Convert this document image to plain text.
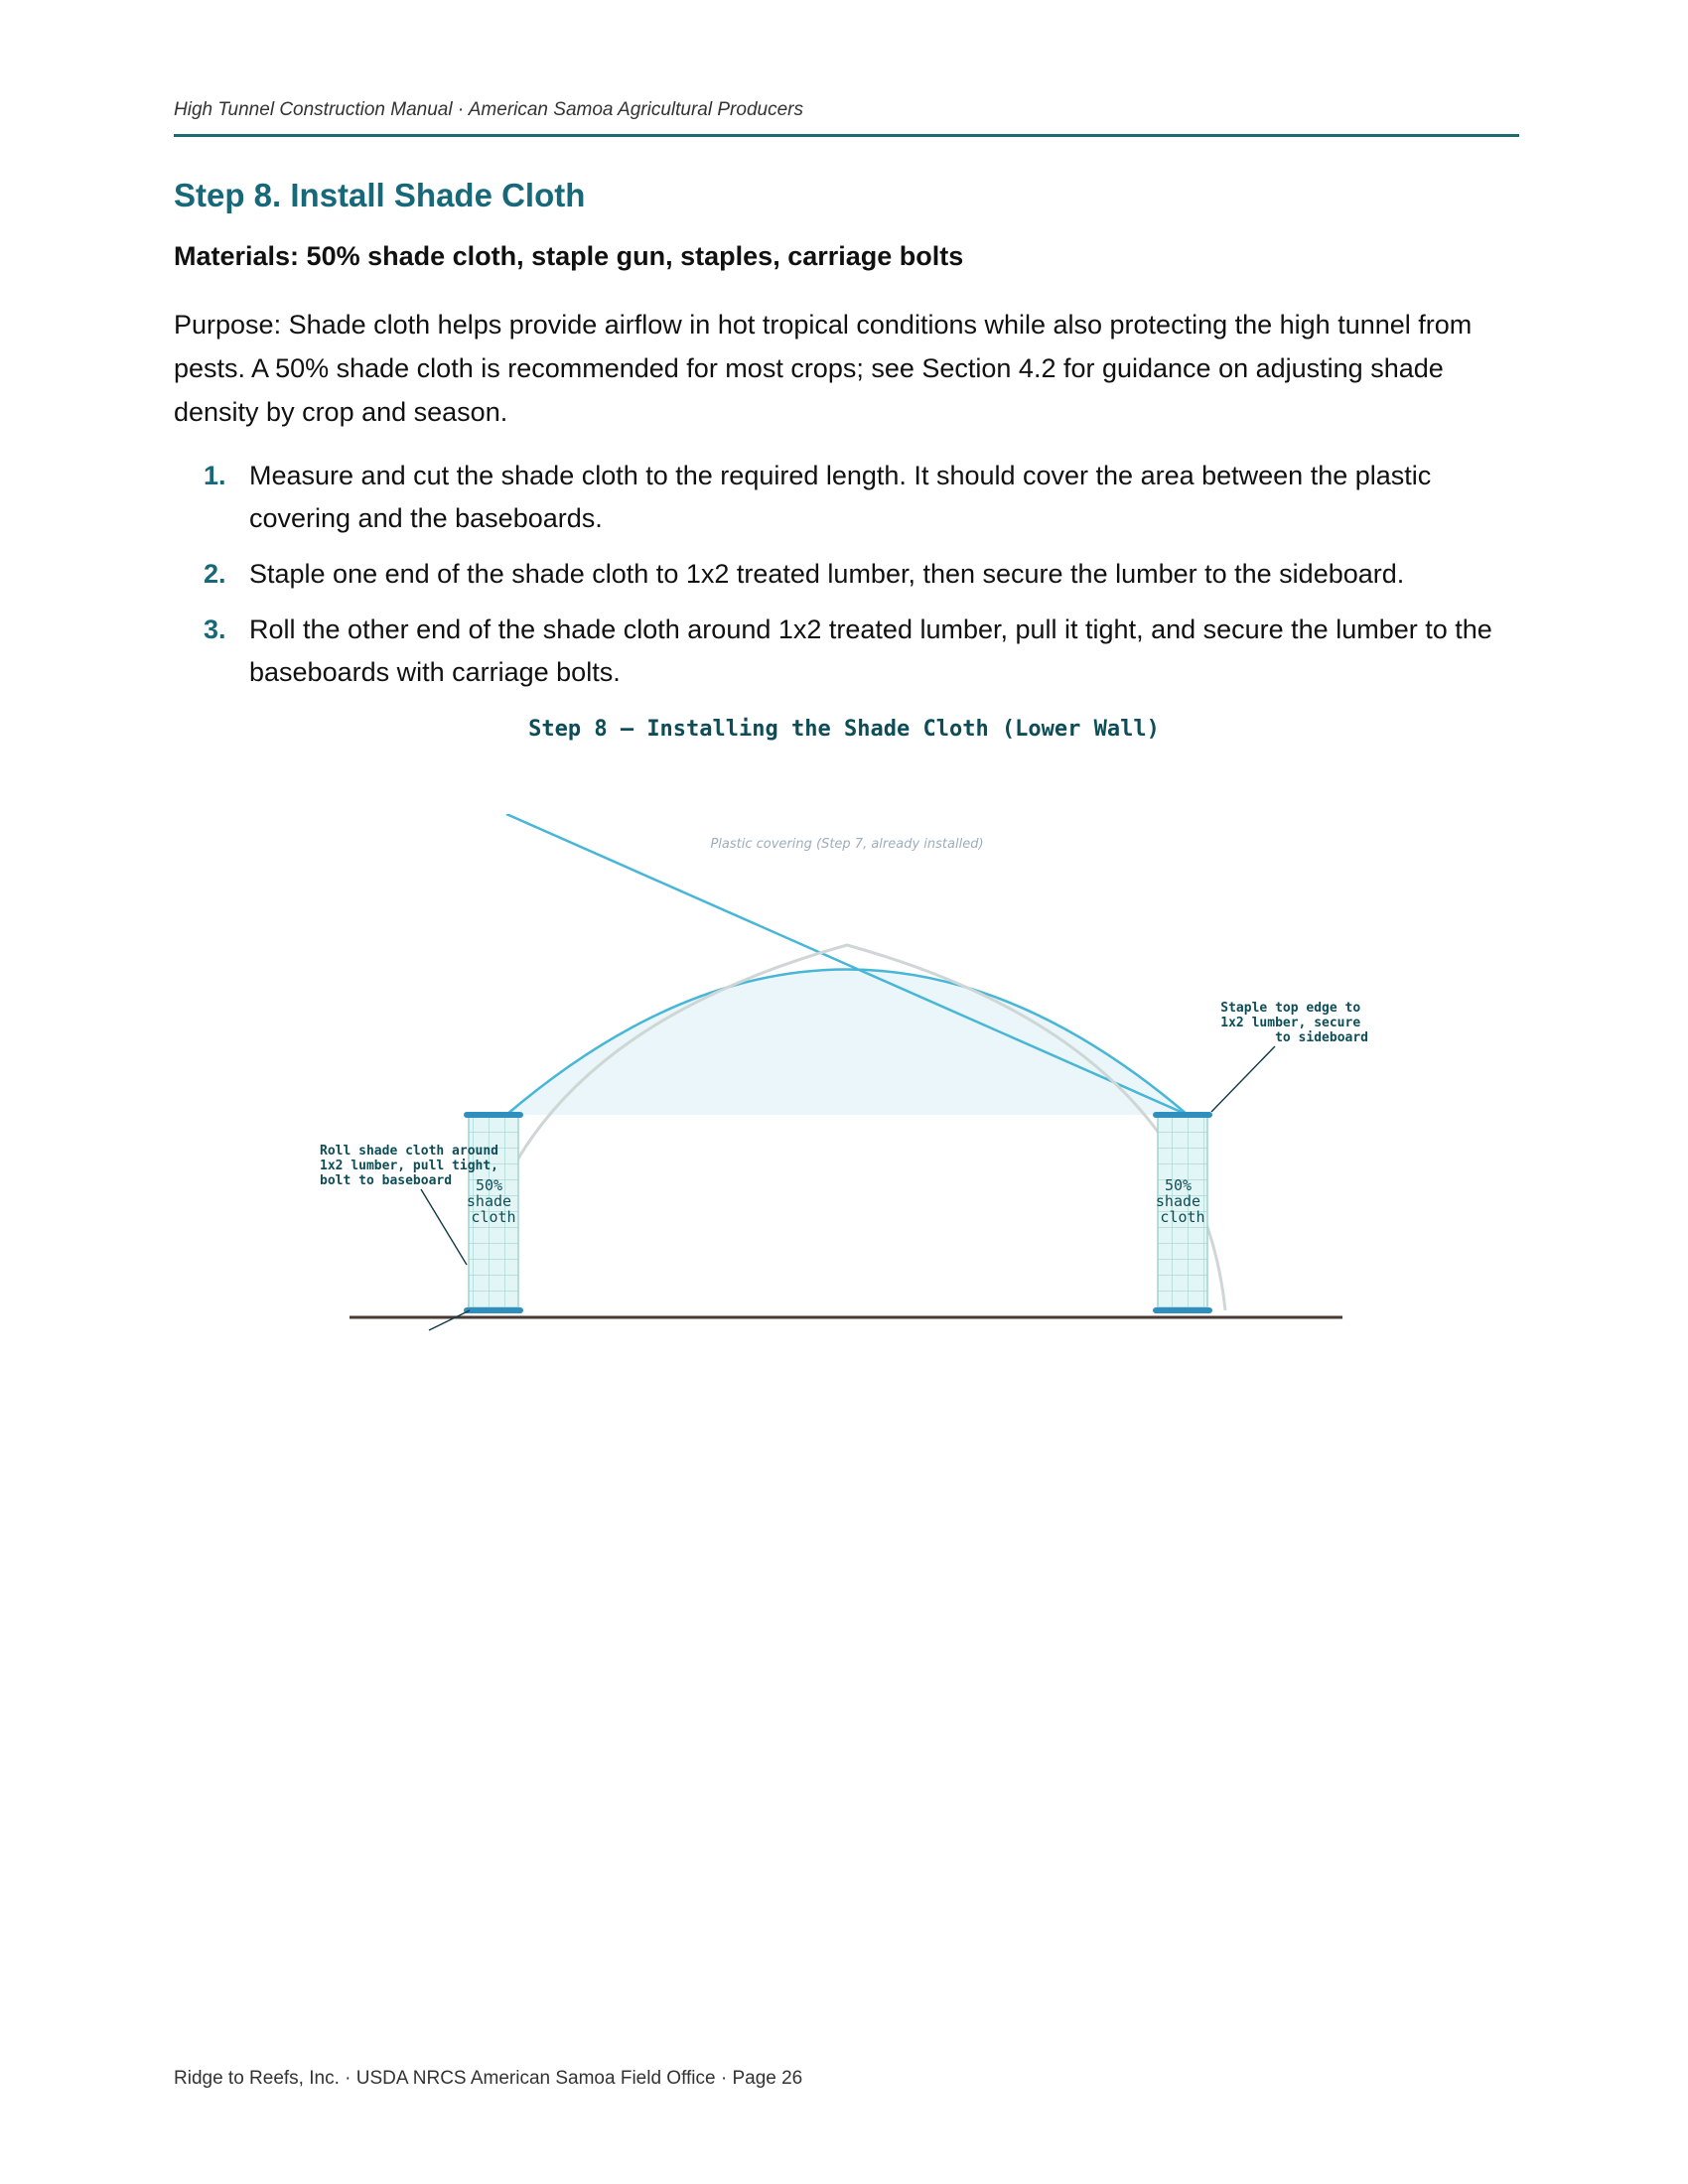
High Tunnel Construction Manual · American Samoa Agricultural Producers
Step 8. Install Shade Cloth

Materials: 50% shade cloth, staple gun, staples, carriage bolts

Purpose: Shade cloth helps provide airflow in hot tropical conditions while also protecting the high tunnel from pests. A 50% shade cloth is recommended for most crops; see Section 4.2 for guidance on adjusting shade density by crop and season.

1. Measure and cut the shade cloth to the required length. It should cover the area between the plastic covering and the baseboards.
2. Staple one end of the shade cloth to 1x2 treated lumber, then secure the lumber to the sideboard.
3. Roll the other end of the shade cloth around 1x2 treated lumber, pull it tight, and secure the lumber to the baseboards with carriage bolts.
Step 8 — Installing the Shade Cloth (Lower Wall)
Plastic covering (Step 7, already installed)
50% shade cloth
50% shade cloth
Roll shade cloth around 1x2 lumber, pull tight, bolt to baseboard
Staple top edge to 1x2 lumber, secure to sideboard
Ridge to Reefs, Inc. · USDA NRCS American Samoa Field Office · Page 26
